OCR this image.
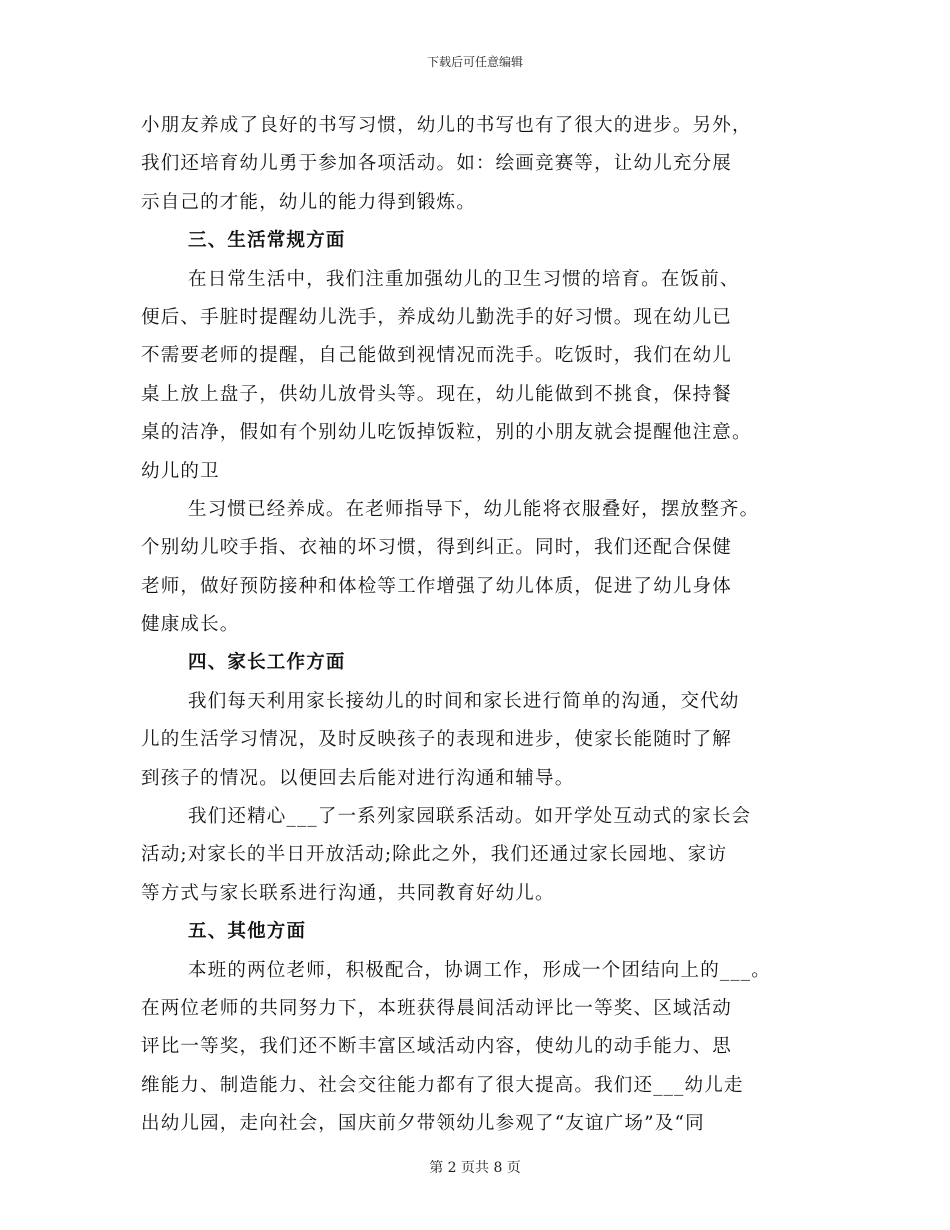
下载后可任意编辑
小朋友养成了良好的书写习惯，幼儿的书写也有了很大的进步。另外，
我们还培育幼儿勇于参加各项活动。如：绘画竞赛等，让幼儿充分展
示自己的才能，幼儿的能力得到锻炼。
三、生活常规方面
在日常生活中，我们注重加强幼儿的卫生习惯的培育。在饭前、
便后、手脏时提醒幼儿洗手，养成幼儿勤洗手的好习惯。现在幼儿已
不需要老师的提醒，自己能做到视情况而洗手。吃饭时，我们在幼儿
桌上放上盘子，供幼儿放骨头等。现在，幼儿能做到不挑食，保持餐
桌的洁净，假如有个别幼儿吃饭掉饭粒，别的小朋友就会提醒他注意。
幼儿的卫
生习惯已经养成。在老师指导下，幼儿能将衣服叠好，摆放整齐。
个别幼儿咬手指、衣袖的坏习惯，得到纠正。同时，我们还配合保健
老师，做好预防接种和体检等工作增强了幼儿体质，促进了幼儿身体
健康成长。
四、家长工作方面
我们每天利用家长接幼儿的时间和家长进行简单的沟通，交代幼
儿的生活学习情况，及时反映孩子的表现和进步，使家长能随时了解
到孩子的情况。以便回去后能对进行沟通和辅导。
我们还精心___了一系列家园联系活动。如开学处互动式的家长会
活动;对家长的半日开放活动;除此之外，我们还通过家长园地、家访
等方式与家长联系进行沟通，共同教育好幼儿。
五、其他方面
本班的两位老师，积极配合，协调工作，形成一个团结向上的___。
在两位老师的共同努力下，本班获得晨间活动评比一等奖、区域活动
评比一等奖，我们还不断丰富区域活动内容，使幼儿的动手能力、思
维能力、制造能力、社会交往能力都有了很大提高。我们还___幼儿走
出幼儿园，走向社会，国庆前夕带领幼儿参观了“友谊广场”及“同
第 2 页共 8 页
